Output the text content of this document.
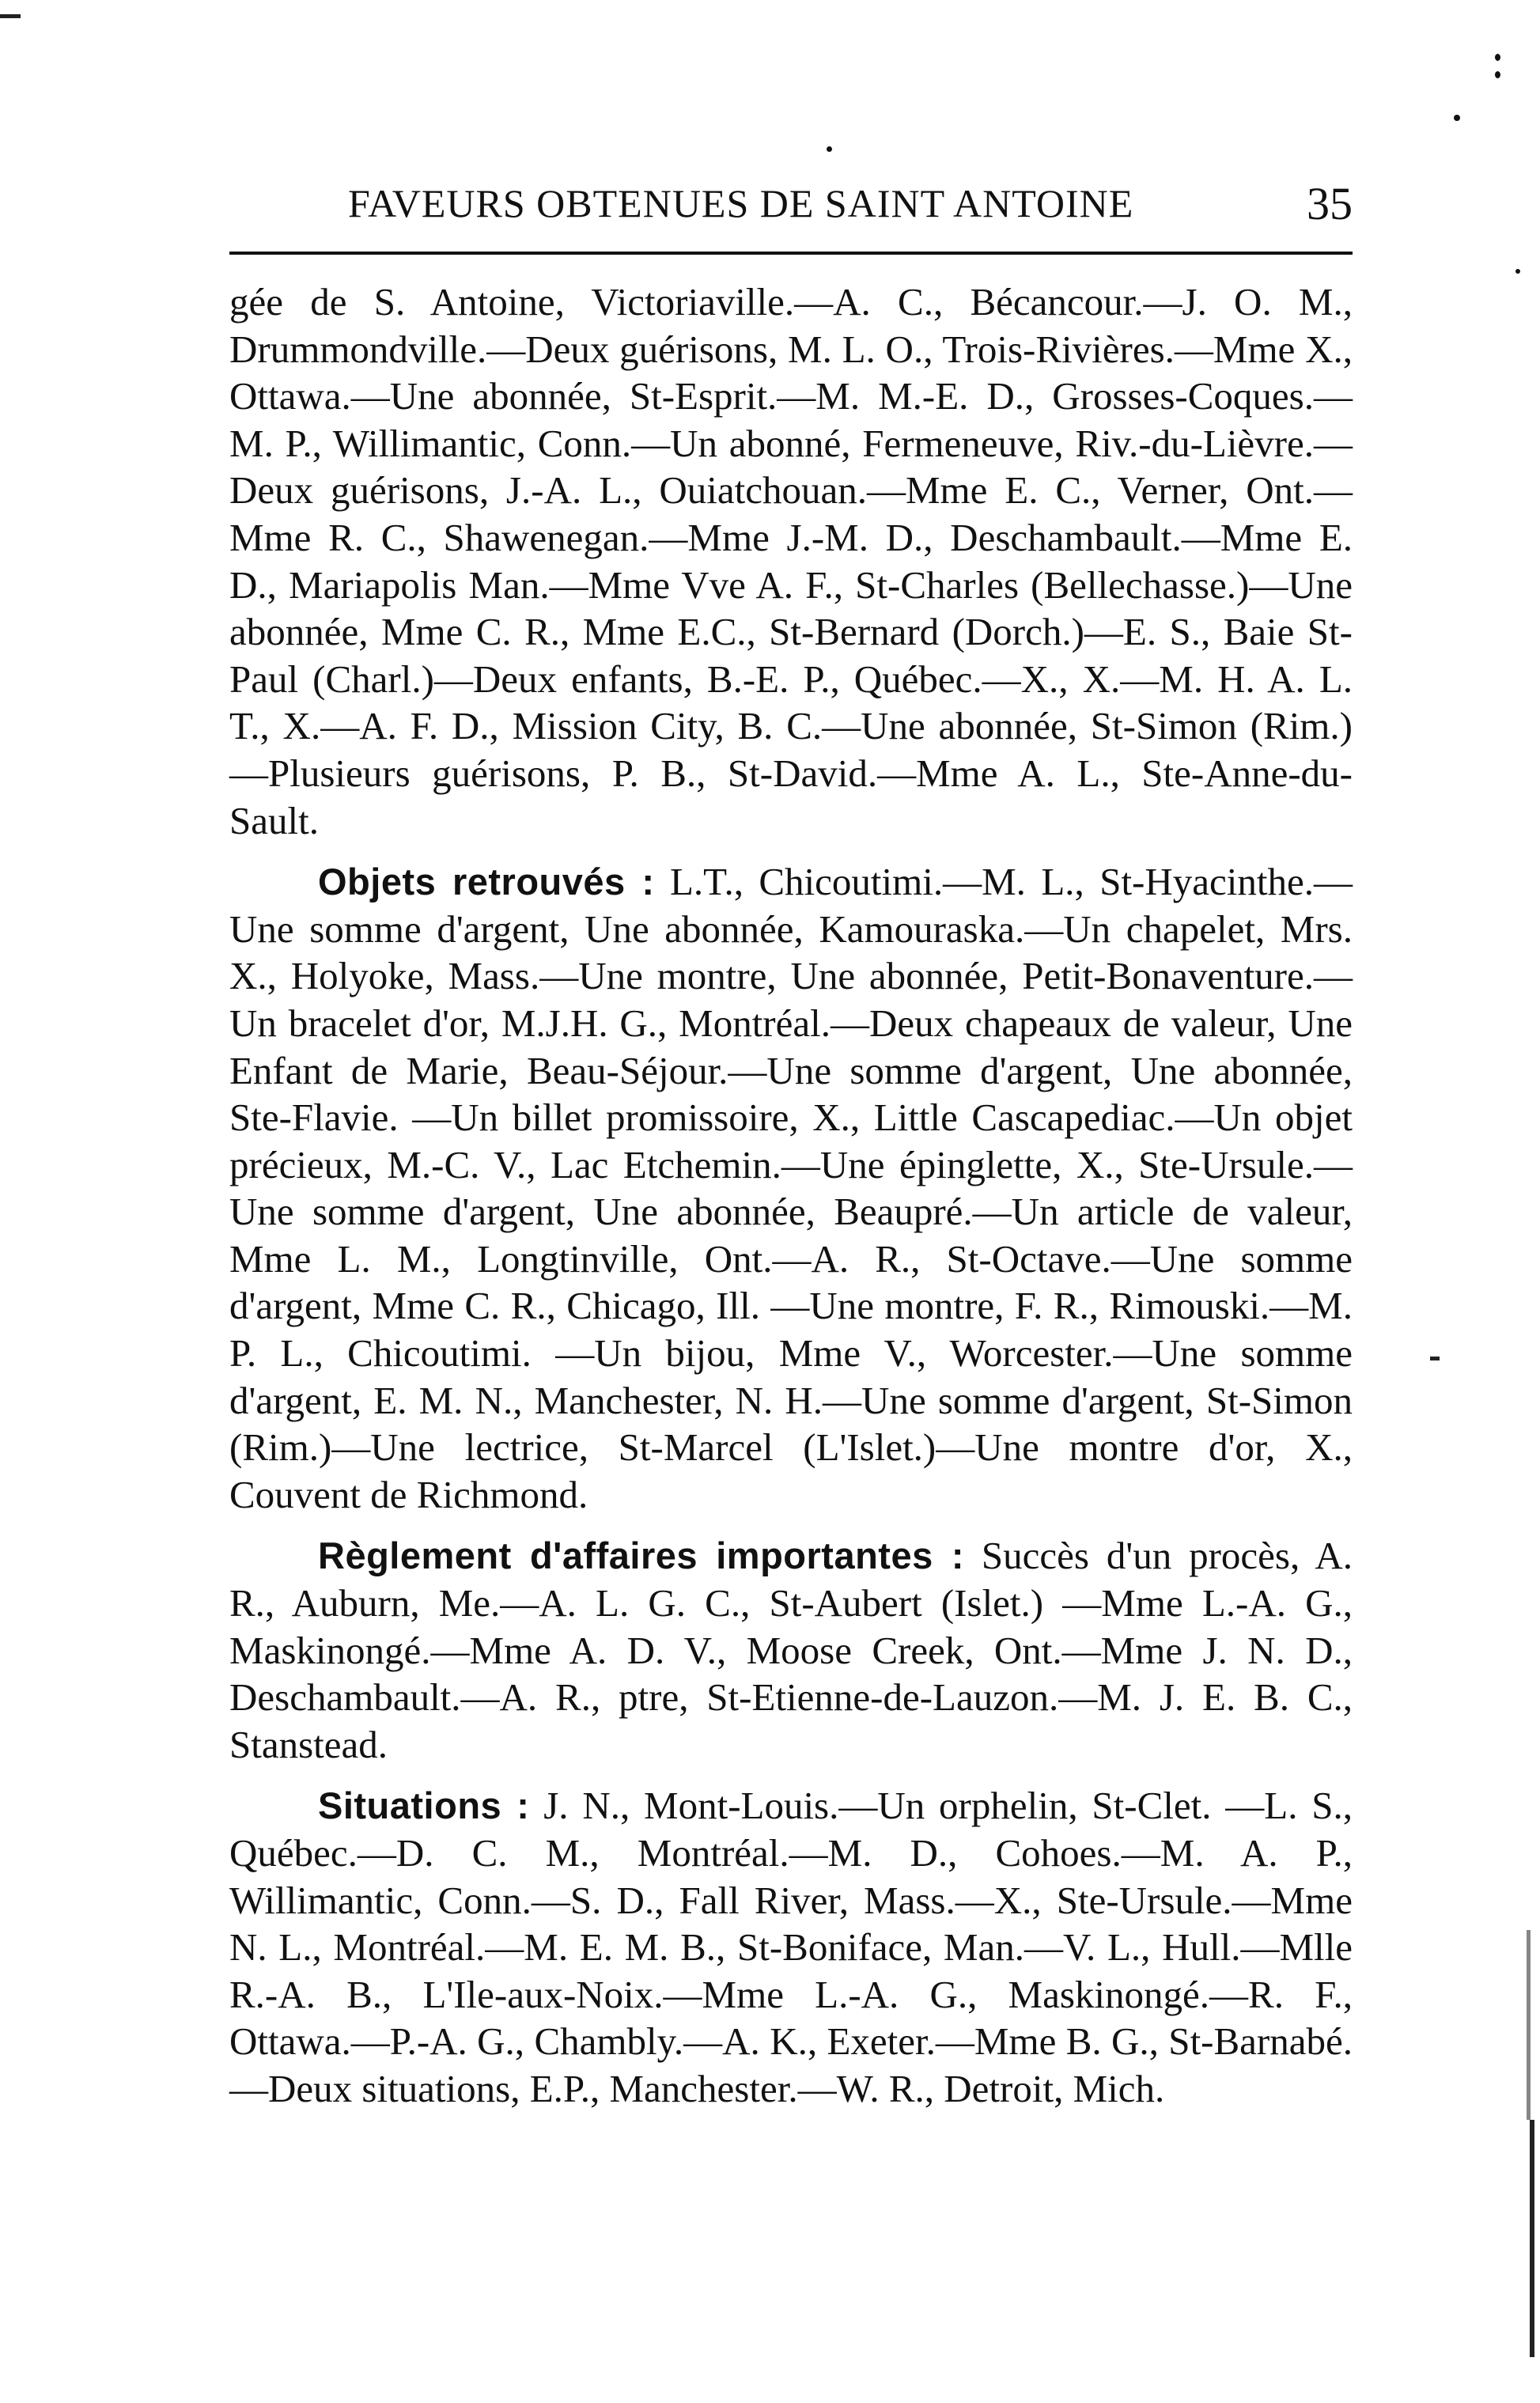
FAVEURS OBTENUES DE SAINT ANTOINE	35

gée de S. Antoine, Victoriaville.—A. C., Bécancour.—J. O. M., Drummondville.—Deux guérisons, M. L. O., Trois-Rivières.—Mme X., Ottawa.—Une abonnée, St-Esprit.—M. M.-E. D., Grosses-Coques.—M. P., Willimantic, Conn.—Un abonné, Fermeneuve, Riv.-du-Lièvre.—Deux guérisons, J.-A. L., Ouiatchouan.—Mme E. C., Verner, Ont.—Mme R. C., Shawenegan.—Mme J.-M. D., Deschambault.—Mme E. D., Mariapolis Man.—Mme Vve A. F., St-Charles (Bellechasse.)—Une abonnée, Mme C. R., Mme E.C., St-Bernard (Dorch.)—E. S., Baie St-Paul (Charl.)—Deux enfants, B.-E. P., Québec.—X., X.—M. H. A. L. T., X.—A. F. D., Mission City, B. C.—Une abonnée, St-Simon (Rim.)—Plusieurs guérisons, P. B., St-David.—Mme A. L., Ste-Anne-du-Sault.

Objets retrouvés : L.T., Chicoutimi.—M. L., St-Hyacinthe.—Une somme d'argent, Une abonnée, Kamouraska.—Un chapelet, Mrs. X., Holyoke, Mass.—Une montre, Une abonnée, Petit-Bonaventure.—Un bracelet d'or, M.J.H. G., Montréal.—Deux chapeaux de valeur, Une Enfant de Marie, Beau-Séjour.—Une somme d'argent, Une abonnée, Ste-Flavie. —Un billet promissoire, X., Little Cascapediac.—Un objet précieux, M.-C. V., Lac Etchemin.—Une épinglette, X., Ste-Ursule.—Une somme d'argent, Une abonnée, Beaupré.—Un article de valeur, Mme L. M., Longtinville, Ont.—A. R., St-Octave.—Une somme d'argent, Mme C. R., Chicago, Ill. —Une montre, F. R., Rimouski.—M. P. L., Chicoutimi. —Un bijou, Mme V., Worcester.—Une somme d'argent, E. M. N., Manchester, N. H.—Une somme d'argent, St-Simon (Rim.)—Une lectrice, St-Marcel (L'Islet.)—Une montre d'or, X., Couvent de Richmond.

Règlement d'affaires importantes : Succès d'un procès, A. R., Auburn, Me.—A. L. G. C., St-Aubert (Islet.) —Mme L.-A. G., Maskinongé.—Mme A. D. V., Moose Creek, Ont.—Mme J. N. D., Deschambault.—A. R., ptre, St-Etienne-de-Lauzon.—M. J. E. B. C., Stanstead.

Situations : J. N., Mont-Louis.—Un orphelin, St-Clet. —L. S., Québec.—D. C. M., Montréal.—M. D., Cohoes.—M. A. P., Willimantic, Conn.—S. D., Fall River, Mass.—X., Ste-Ursule.—Mme N. L., Montréal.—M. E. M. B., St-Boniface, Man.—V. L., Hull.—Mlle R.-A. B., L'Ile-aux-Noix.—Mme L.-A. G., Maskinongé.—R. F., Ottawa.—P.-A. G., Chambly.—A. K., Exeter.—Mme B. G., St-Barnabé.—Deux situations, E.P., Manchester.—W. R., Detroit, Mich.
